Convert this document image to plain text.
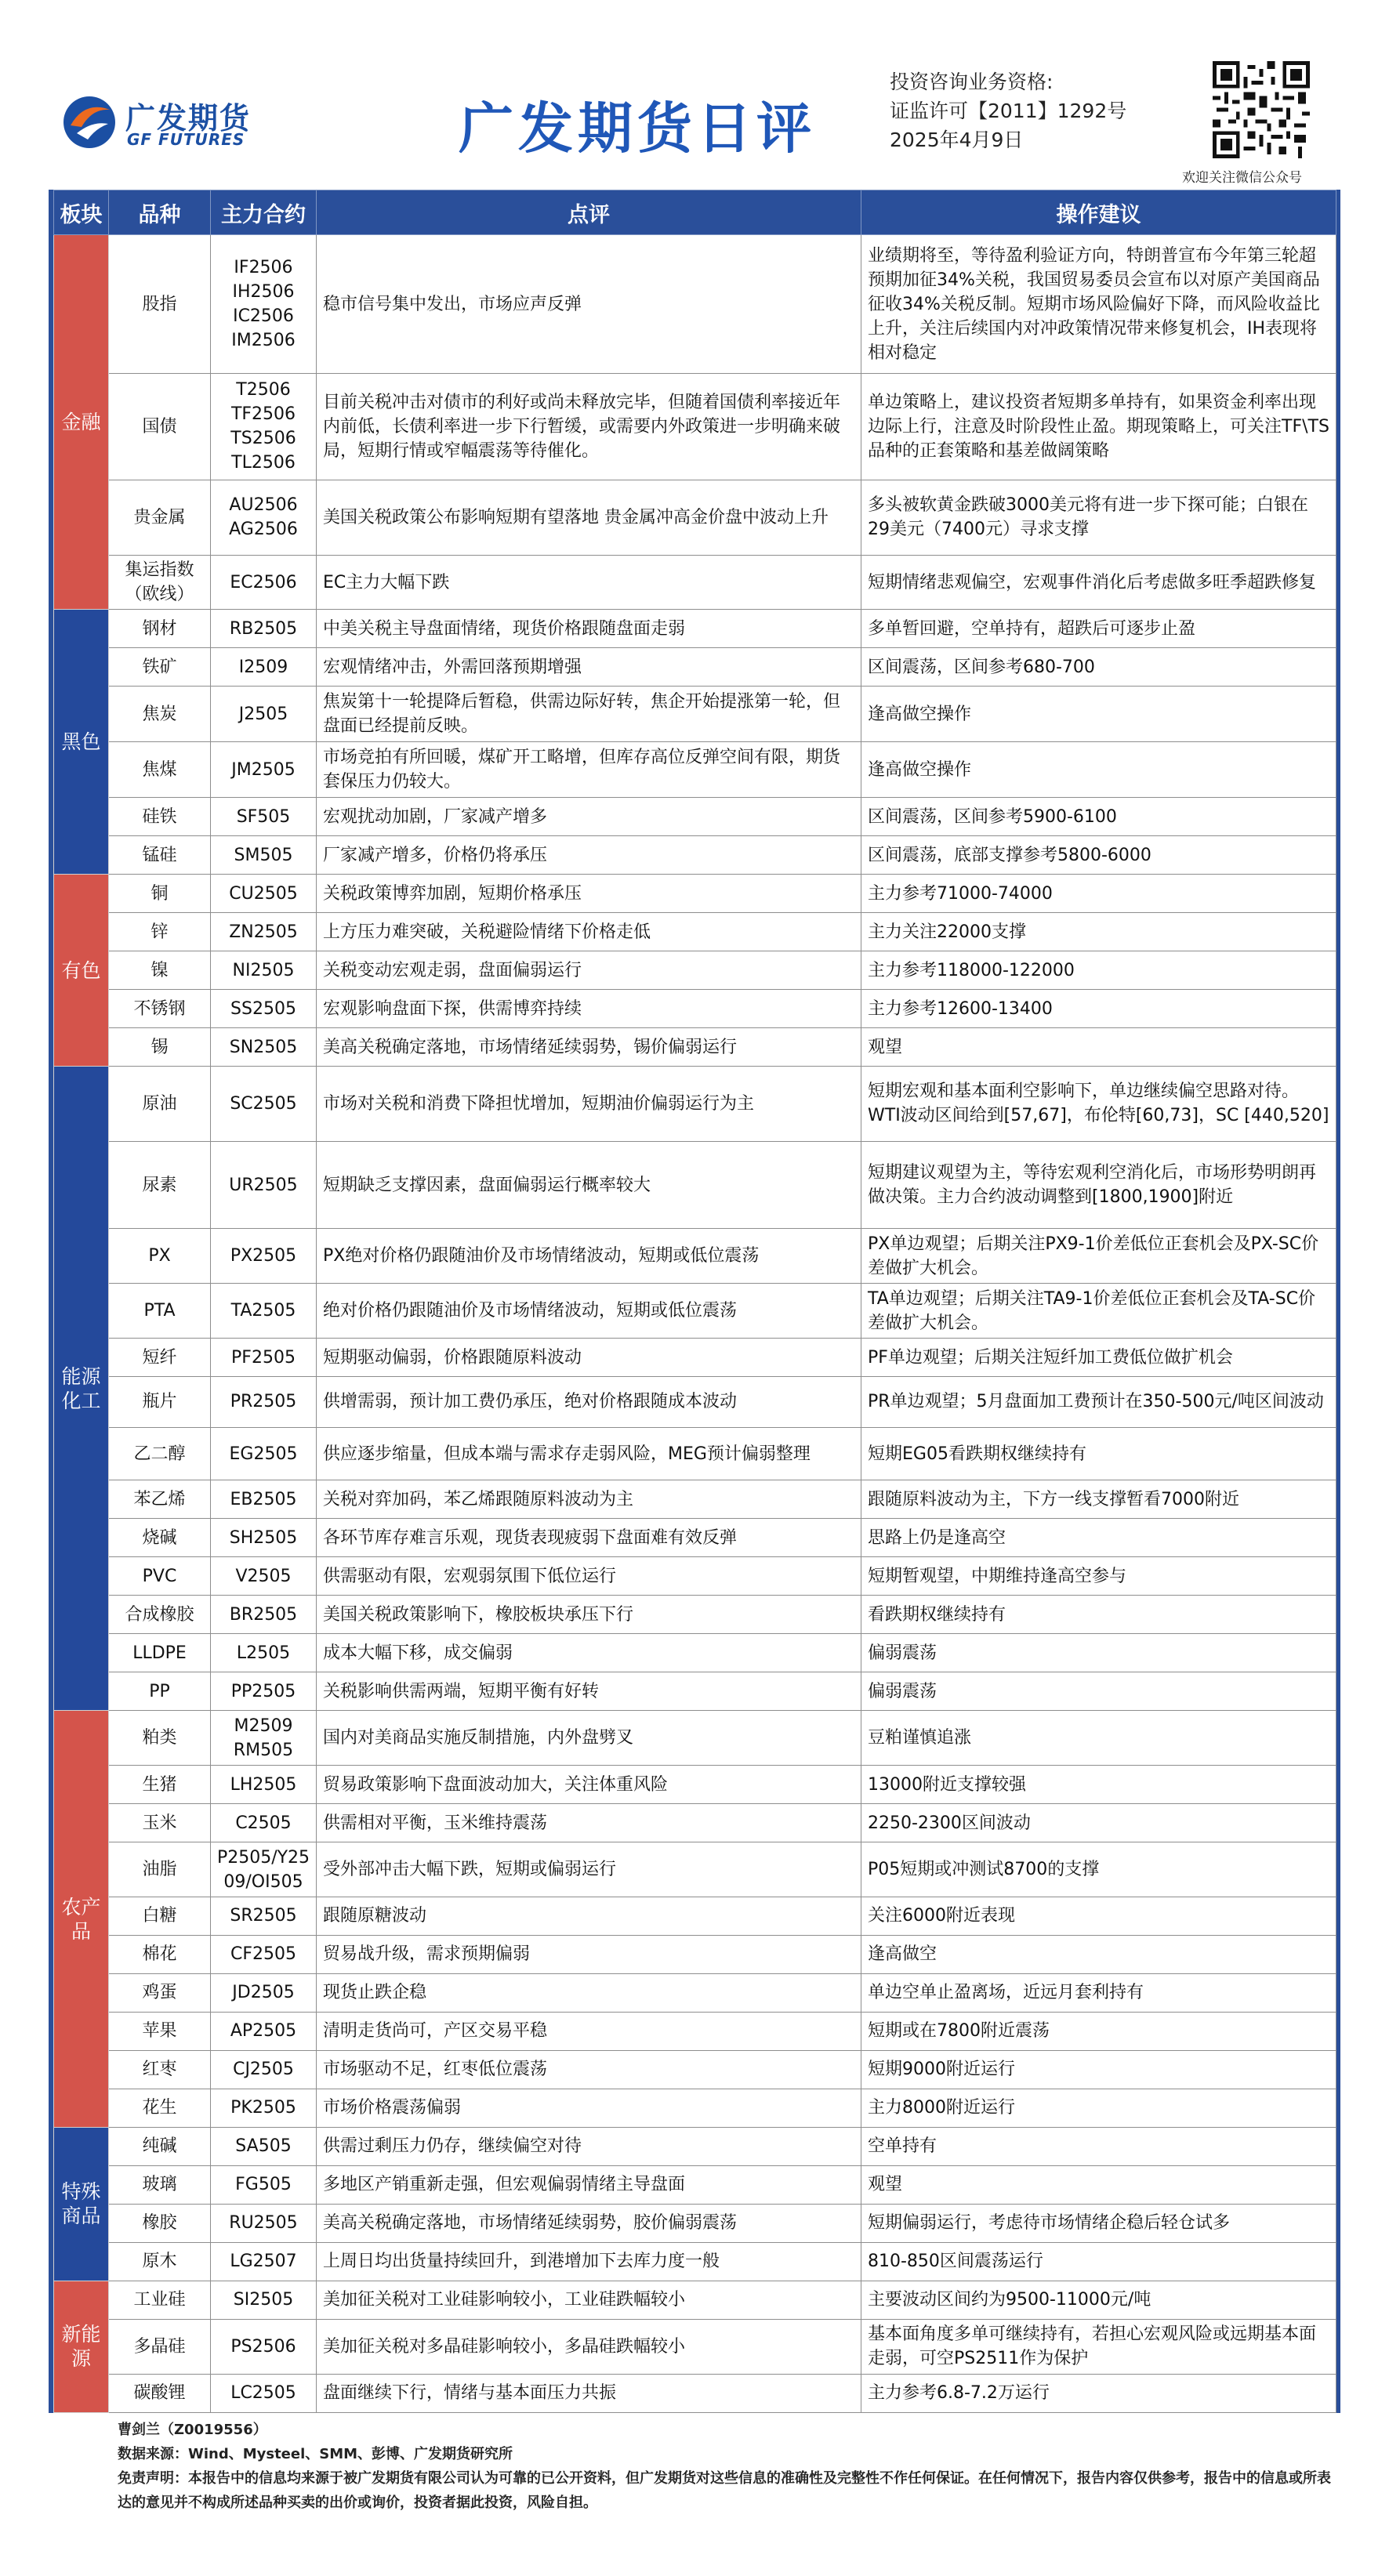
广发期货
GF FUTURES	广发期货日评
投资咨询业务资格:
证监许可【2011】1292号
2025年4月9日
欢迎关注微信公众号
板块	品种	主力合约	点评	操作建议
金融	股指	IF2506
IH2506
IC2506
IM2506	稳市信号集中发出，市场应声反弹	业绩期将至，等待盈利验证方向，特朗普宣布今年第三轮超预期加征34%关税，我国贸易委员会宣布以对原产美国商品征收34%关税反制。短期市场风险偏好下降，而风险收益比上升，关注后续国内对冲政策情况带来修复机会，IH表现将相对稳定
	国债	T2506
TF2506
TS2506
TL2506	目前关税冲击对债市的利好或尚未释放完毕，但随着国债利率接近年内前低，长债利率进一步下行暂缓，或需要内外政策进一步明确来破局，短期行情或窄幅震荡等待催化。	单边策略上，建议投资者短期多单持有，如果资金利率出现边际上行，注意及时阶段性止盈。期现策略上，可关注TF\TS品种的正套策略和基差做阔策略
	贵金属	AU2506
AG2506	美国关税政策公布影响短期有望落地 贵金属冲高金价盘中波动上升	多头被软黄金跌破3000美元将有进一步下探可能；白银在29美元（7400元）寻求支撑
	集运指数（欧线）	EC2506	EC主力大幅下跌	短期情绪悲观偏空，宏观事件消化后考虑做多旺季超跌修复
黑色	钢材	RB2505	中美关税主导盘面情绪，现货价格跟随盘面走弱	多单暂回避，空单持有，超跌后可逐步止盈
	铁矿	I2509	宏观情绪冲击，外需回落预期增强	区间震荡，区间参考680-700
	焦炭	J2505	焦炭第十一轮提降后暂稳，供需边际好转，焦企开始提涨第一轮，但盘面已经提前反映。	逢高做空操作
	焦煤	JM2505	市场竞拍有所回暖，煤矿开工略增，但库存高位反弹空间有限，期货套保压力仍较大。	逢高做空操作
	硅铁	SF505	宏观扰动加剧，厂家减产增多	区间震荡，区间参考5900-6100
	锰硅	SM505	厂家减产增多，价格仍将承压	区间震荡，底部支撑参考5800-6000
有色	铜	CU2505	关税政策博弈加剧，短期价格承压	主力参考71000-74000
	锌	ZN2505	上方压力难突破，关税避险情绪下价格走低	主力关注22000支撑
	镍	NI2505	关税变动宏观走弱，盘面偏弱运行	主力参考118000-122000
	不锈钢	SS2505	宏观影响盘面下探，供需博弈持续	主力参考12600-13400
	锡	SN2505	美高关税确定落地，市场情绪延续弱势，锡价偏弱运行	观望
能源化工	原油	SC2505	市场对关税和消费下降担忧增加，短期油价偏弱运行为主	短期宏观和基本面利空影响下，单边继续偏空思路对待。WTI波动区间给到[57,67]，布伦特[60,73]，SC [440,520]
	尿素	UR2505	短期缺乏支撑因素，盘面偏弱运行概率较大	短期建议观望为主，等待宏观利空消化后，市场形势明朗再做决策。主力合约波动调整到[1800,1900]附近
	PX	PX2505	PX绝对价格仍跟随油价及市场情绪波动，短期或低位震荡	PX单边观望；后期关注PX9-1价差低位正套机会及PX-SC价差做扩大机会。
	PTA	TA2505	绝对价格仍跟随油价及市场情绪波动，短期或低位震荡	TA单边观望；后期关注TA9-1价差低位正套机会及TA-SC价差做扩大机会。
	短纤	PF2505	短期驱动偏弱，价格跟随原料波动	PF单边观望；后期关注短纤加工费低位做扩机会
	瓶片	PR2505	供增需弱，预计加工费仍承压，绝对价格跟随成本波动	PR单边观望；5月盘面加工费预计在350-500元/吨区间波动
	乙二醇	EG2505	供应逐步缩量，但成本端与需求存走弱风险，MEG预计偏弱整理	短期EG05看跌期权继续持有
	苯乙烯	EB2505	关税对弈加码，苯乙烯跟随原料波动为主	跟随原料波动为主，下方一线支撑暂看7000附近
	烧碱	SH2505	各环节库存难言乐观，现货表现疲弱下盘面难有效反弹	思路上仍是逢高空
	PVC	V2505	供需驱动有限，宏观弱氛围下低位运行	短期暂观望，中期维持逢高空参与
	合成橡胶	BR2505	美国关税政策影响下，橡胶板块承压下行	看跌期权继续持有
	LLDPE	L2505	成本大幅下移，成交偏弱	偏弱震荡
	PP	PP2505	关税影响供需两端，短期平衡有好转	偏弱震荡
农产品	粕类	M2509
RM505	国内对美商品实施反制措施，内外盘劈叉	豆粕谨慎追涨
	生猪	LH2505	贸易政策影响下盘面波动加大，关注体重风险	13000附近支撑较强
	玉米	C2505	供需相对平衡，玉米维持震荡	2250-2300区间波动
	油脂	P2505/Y25
09/OI505	受外部冲击大幅下跌，短期或偏弱运行	P05短期或冲测试8700的支撑
	白糖	SR2505	跟随原糖波动	关注6000附近表现
	棉花	CF2505	贸易战升级，需求预期偏弱	逢高做空
	鸡蛋	JD2505	现货止跌企稳	单边空单止盈离场，近远月套利持有
	苹果	AP2505	清明走货尚可，产区交易平稳	短期或在7800附近震荡
	红枣	CJ2505	市场驱动不足，红枣低位震荡	短期9000附近运行
	花生	PK2505	市场价格震荡偏弱	主力8000附近运行
特殊商品	纯碱	SA505	供需过剩压力仍存，继续偏空对待	空单持有
	玻璃	FG505	多地区产销重新走强，但宏观偏弱情绪主导盘面	观望
	橡胶	RU2505	美高关税确定落地，市场情绪延续弱势，胶价偏弱震荡	短期偏弱运行，考虑待市场情绪企稳后轻仓试多
	原木	LG2507	上周日均出货量持续回升，到港增加下去库力度一般	810-850区间震荡运行
新能源	工业硅	SI2505	美加征关税对工业硅影响较小，工业硅跌幅较小	主要波动区间约为9500-11000元/吨
	多晶硅	PS2506	美加征关税对多晶硅影响较小，多晶硅跌幅较小	基本面角度多单可继续持有，若担心宏观风险或远期基本面走弱，可空PS2511作为保护
	碳酸锂	LC2505	盘面继续下行，情绪与基本面压力共振	主力参考6.8-7.2万运行
曹剑兰（Z0019556）
数据来源：Wind、Mysteel、SMM、彭博、广发期货研究所
免责声明：本报告中的信息均来源于被广发期货有限公司认为可靠的已公开资料，但广发期货对这些信息的准确性及完整性不作任何保证。在任何情况下，报告内容仅供参考，报告中的信息或所表达的意见并不构成所述品种买卖的出价或询价，投资者据此投资，风险自担。
